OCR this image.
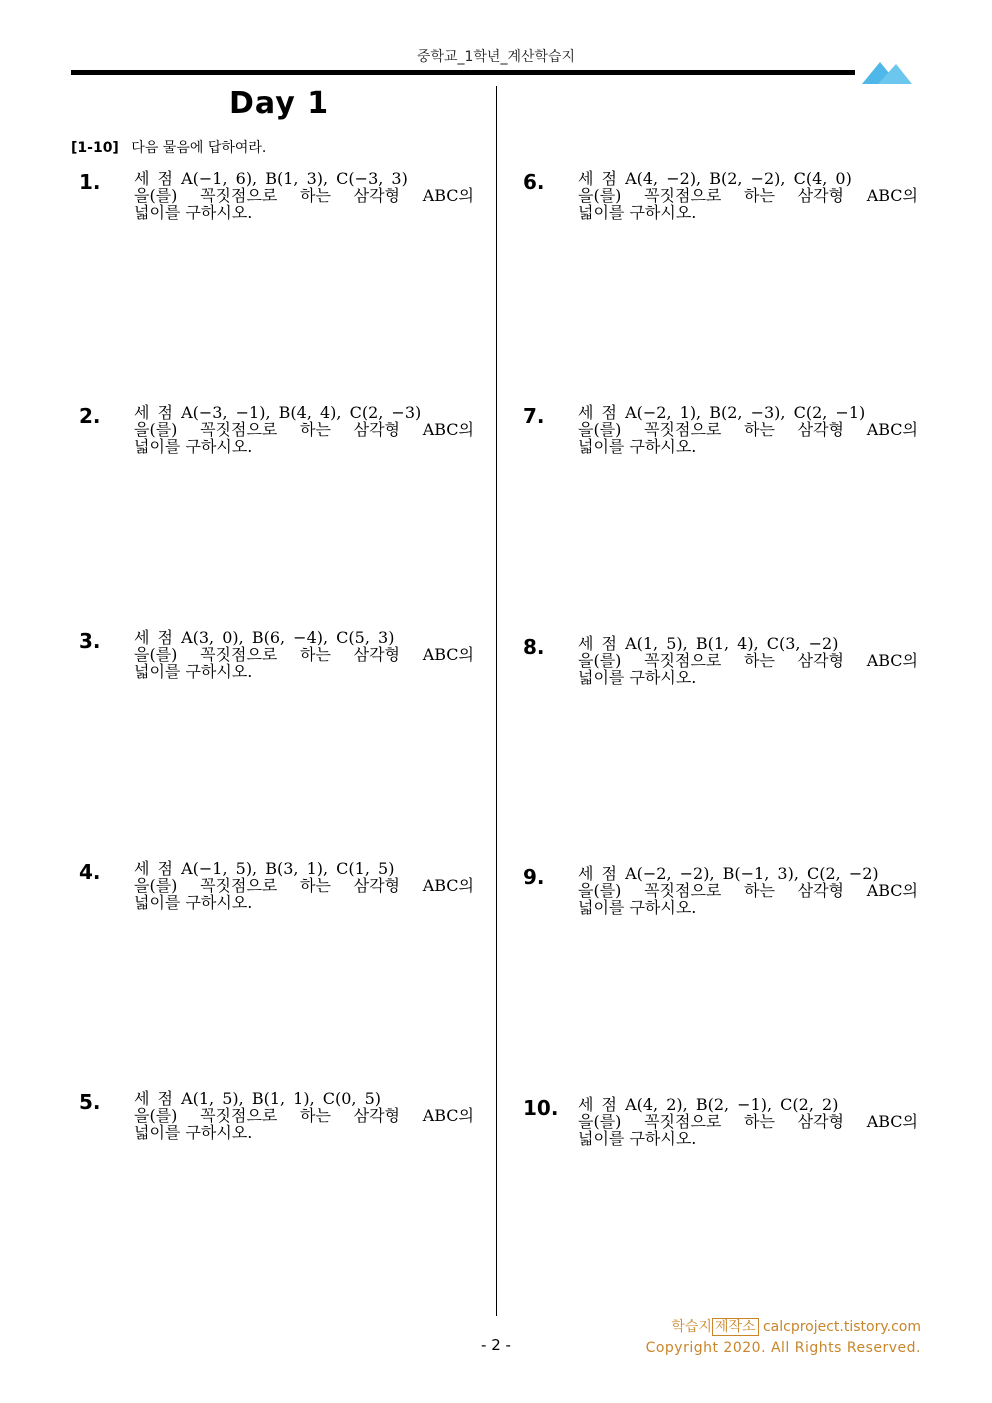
중학교_1학년_계산학습지
Day 1
[1-10] 다음 물음에 답하여라.
1. 세 점 A(−1, 6), B(1, 3), C(−3, 3)
을(를) 꼭짓점으로 하는 삼각형 ABC의
넓이를 구하시오.
2. 세 점 A(−3, −1), B(4, 4), C(2, −3)
을(를) 꼭짓점으로 하는 삼각형 ABC의
넓이를 구하시오.
3. 세 점 A(3, 0), B(6, −4), C(5, 3)
을(를) 꼭짓점으로 하는 삼각형 ABC의
넓이를 구하시오.
4. 세 점 A(−1, 5), B(3, 1), C(1, 5)
을(를) 꼭짓점으로 하는 삼각형 ABC의
넓이를 구하시오.
5. 세 점 A(1, 5), B(1, 1), C(0, 5)
을(를) 꼭짓점으로 하는 삼각형 ABC의
넓이를 구하시오.
6. 세 점 A(4, −2), B(2, −2), C(4, 0)
을(를) 꼭짓점으로 하는 삼각형 ABC의
넓이를 구하시오.
7. 세 점 A(−2, 1), B(2, −3), C(2, −1)
을(를) 꼭짓점으로 하는 삼각형 ABC의
넓이를 구하시오.
8. 세 점 A(1, 5), B(1, 4), C(3, −2)
을(를) 꼭짓점으로 하는 삼각형 ABC의
넓이를 구하시오.
9. 세 점 A(−2, −2), B(−1, 3), C(2, −2)
을(를) 꼭짓점으로 하는 삼각형 ABC의
넓이를 구하시오.
10. 세 점 A(4, 2), B(2, −1), C(2, 2)
을(를) 꼭짓점으로 하는 삼각형 ABC의
넓이를 구하시오.
학습지 제작소 calcproject.tistory.com
Copyright 2020. All Rights Reserved.
- 2 -
